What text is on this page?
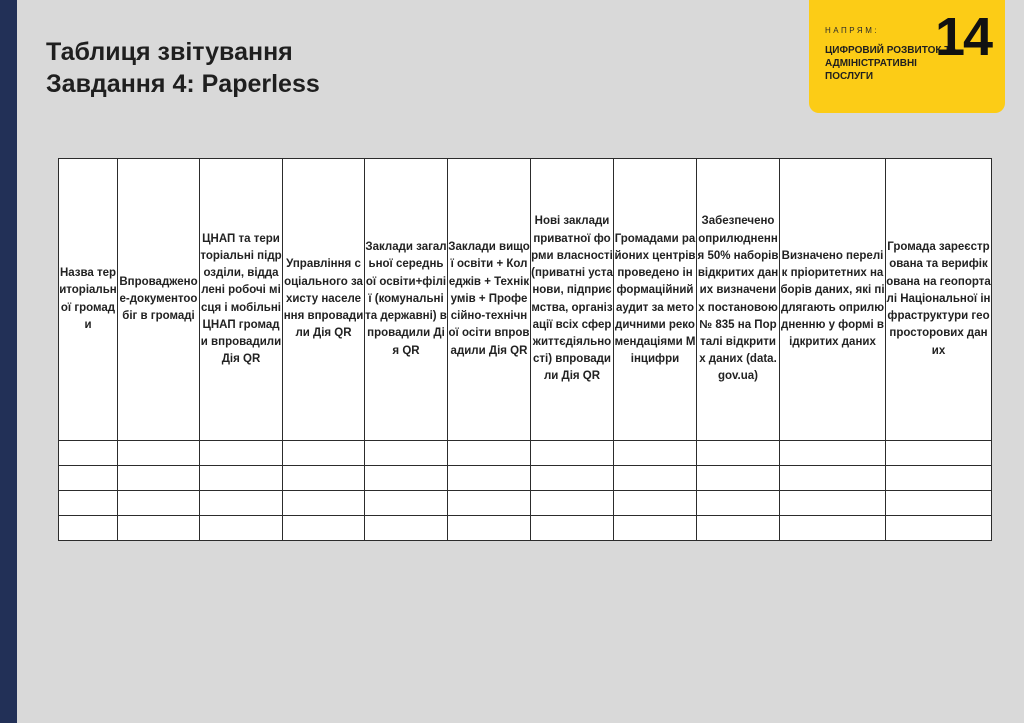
Таблиця звітування
Завдання 4: Paperless
НАПРЯМ:
ЦИФРОВИЙ РОЗВИТОК ТА АДМІНІСТРАТИВНІ ПОСЛУГИ
14
Назва територіальної громади	Впроваджено е-документообіг в громаді	ЦНАП та територіальні підрозділи, віддалені робочі місця і мобільні ЦНАП громади впровадили Дія QR	Управління соціального захисту населення впровадили Дія QR	Заклади загальної середньої освіти+філії (комунальні та державні) впровадили Дія QR	Заклади вищої освіти + Коледжів + Технікумів + Професійно-технічної осіти впровадили Дія QR	Нові заклади приватної форми власності (приватні установи, підприємства, організації всіх сфер життєдіяльності) впровадили Дія QR	Громадами районих центрів проведено інформаційний аудит за методичними рекомендаціями Мінцифри	Забезпечено оприлюднення 50% наборів відкритих даних визначених постановою № 835 на Порталі відкритих даних (data.gov.ua)	Визначено перелік пріоритетних наборів даних, які підлягають оприлюдненню у формі відкритих даних	Громада зареєстрована та верифікована на геопорталі Національної інфраструктури геопросторових даних
